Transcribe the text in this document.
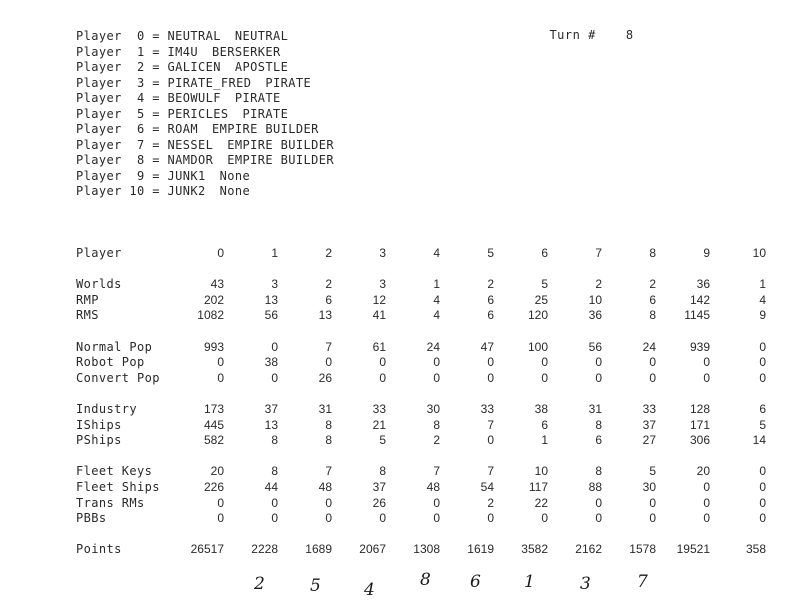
Turn #	8

Player  0 = NEUTRAL NEUTRAL
Player  1 = IM4U BERSERKER
Player  2 = GALICEN APOSTLE
Player  3 = PIRATE_FRED PIRATE
Player  4 = BEOWULF PIRATE
Player  5 = PERICLES PIRATE
Player  6 = ROAM EMPIRE BUILDER
Player  7 = NESSEL EMPIRE BUILDER
Player  8 = NAMDOR EMPIRE BUILDER
Player  9 = JUNK1 None
Player 10 = JUNK2 None
Player	0	1	2	3	4	5	6	7	8	9	10
Worlds	43	3	2	3	1	2	5	2	2	36	1
RMP	202	13	6	12	4	6	25	10	6	142	4
RMS	1082	56	13	41	4	6	120	36	8	1145	9
Normal Pop	993	0	7	61	24	47	100	56	24	939	0
Robot Pop	0	38	0	0	0	0	0	0	0	0	0
Convert Pop	0	0	26	0	0	0	0	0	0	0	0
Industry	173	37	31	33	30	33	38	31	33	128	6
IShips	445	13	8	21	8	7	6	8	37	171	5
PShips	582	8	8	5	2	0	1	6	27	306	14
Fleet Keys	20	8	7	8	7	7	10	8	5	20	0
Fleet Ships	226	44	48	37	48	54	117	88	30	0	0
Trans RMs	0	0	0	26	0	2	22	0	0	0	0
PBBs	0	0	0	0	0	0	0	0	0	0	0
Points	26517	2228	1689	2067	1308	1619	3582	2162	1578	19521	358
2	5	4	8 6	1	3	7
